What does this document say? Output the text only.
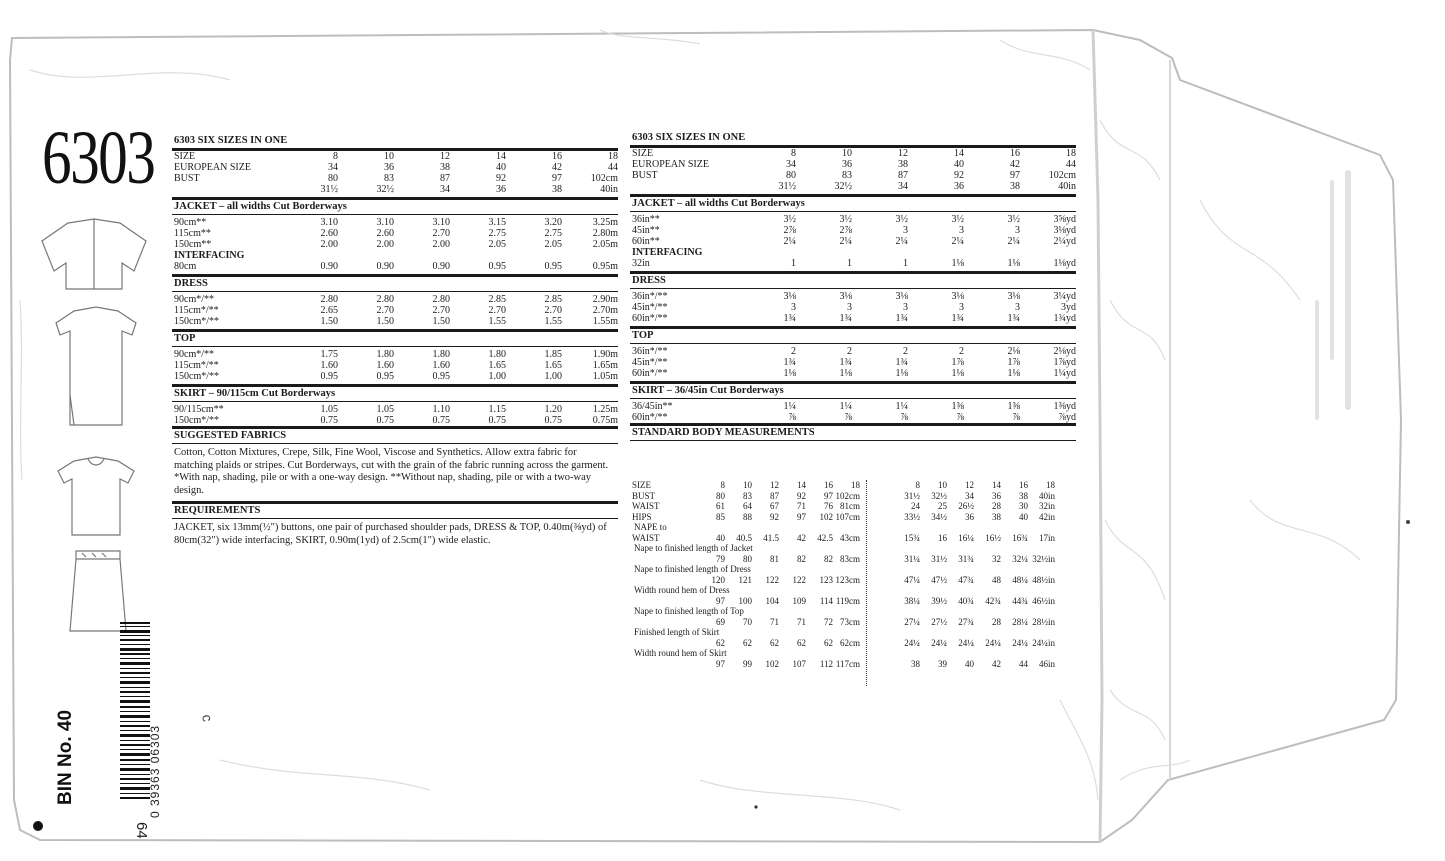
6303
BIN No. 40	0 39363 06303
64
c
6303 SIX SIZES IN ONE
SIZE	8	10	12	14	16	18
EUROPEAN SIZE	34	36	38	40	42	44
BUST	80	83	87	92	97	102cm
31½	32½	34	36	38	40in
JACKET – all widths Cut Borderways
90cm**	3.10	3.10	3.10	3.15	3.20	3.25m
115cm**	2.60	2.60	2.70	2.75	2.75	2.80m
150cm**	2.00	2.00	2.00	2.05	2.05	2.05m
INTERFACING
80cm	0.90	0.90	0.90	0.95	0.95	0.95m
DRESS
90cm*/**	2.80	2.80	2.80	2.85	2.85	2.90m
115cm*/**	2.65	2.70	2.70	2.70	2.70	2.70m
150cm*/**	1.50	1.50	1.50	1.55	1.55	1.55m
TOP
90cm*/**	1.75	1.80	1.80	1.80	1.85	1.90m
115cm*/**	1.60	1.60	1.60	1.65	1.65	1.65m
150cm*/**	0.95	0.95	0.95	1.00	1.00	1.05m
SKIRT – 90/115cm Cut Borderways
90/115cm**	1.05	1.05	1.10	1.15	1.20	1.25m
150cm*/**	0.75	0.75	0.75	0.75	0.75	0.75m
SUGGESTED FABRICS
Cotton, Cotton Mixtures, Crepe, Silk, Fine Wool, Viscose and Synthetics. Allow extra fabric for matching plaids or stripes. Cut Borderways, cut with the grain of the fabric running across the garment. *With nap, shading, pile or with a one-way design. **Without nap, shading, pile or with a two-way design.
REQUIREMENTS
JACKET, six 13mm(½") buttons, one pair of purchased shoulder pads, DRESS & TOP, 0.40m(⅜yd) of 80cm(32") wide interfacing, SKIRT, 0.90m(1yd) of 2.5cm(1") wide elastic.
6303 SIX SIZES IN ONE
SIZE	8	10	12	14	16	18
EUROPEAN SIZE	34	36	38	40	42	44
BUST	80	83	87	92	97	102cm
31½	32½	34	36	38	40in
JACKET – all widths Cut Borderways
36in**	3½	3½	3½	3½	3½	3⅝yd
45in**	2⅞	2⅞	3	3	3	3⅛yd
60in**	2¼	2¼	2¼	2¼	2¼	2¼yd
INTERFACING
32in	1	1	1	1⅛	1⅛	1⅛yd
DRESS
36in*/**	3⅛	3⅛	3⅛	3⅛	3⅛	3¼yd
45in*/**	3	3	3	3	3	3yd
60in*/**	1¾	1¾	1¾	1¾	1¾	1¾yd
TOP
36in*/**	2	2	2	2	2⅛	2⅛yd
45in*/**	1¾	1¾	1¾	1⅞	1⅞	1⅞yd
60in*/**	1⅛	1⅛	1⅛	1⅛	1⅛	1¼yd
SKIRT – 36/45in Cut Borderways
36/45in**	1¼	1¼	1¼	1⅜	1⅜	1⅜yd
60in*/**	⅞	⅞	⅞	⅞	⅞	⅞yd
STANDARD BODY MEASUREMENTS
SIZE	8	10	12	14	16	18	8	10	12	14	16	18
BUST	80	83	87	92	97 102cm	31½	32½	34	36	38	40in
WAIST	61	64	67	71	76 81cm	24	25	26½	28	30	32in
HIPS	85	88	92	97	102 107cm	33½	34½	36	38	40	42in
NAPE to
WAIST	40	40.5	41.5	42	42.5 43cm	15¾	16	16¼	16½	16¾	17in
Nape to finished length of Jacket
79	80	81	82	82 83cm	31¼	31½	31¾	32	32¼ 32½in
Nape to finished length of Dress
120	121	122	122	123 123cm	47¼	47½	47¾	48	48¼ 48½in
Width round hem of Dress
97	100	104	109	114 119cm	38¼	39½	40¾	42¾	44¾ 46½in
Nape to finished length of Top
69	70	71	71	72 73cm	27¼	27½	27¾	28	28¼ 28½in
Finished length of Skirt
62	62	62	62	62 62cm	24¼	24¼	24¼	24¼	24¼ 24¼in
Width round hem of Skirt
97	99	102	107	112 117cm	38	39	40	42	44	46in
